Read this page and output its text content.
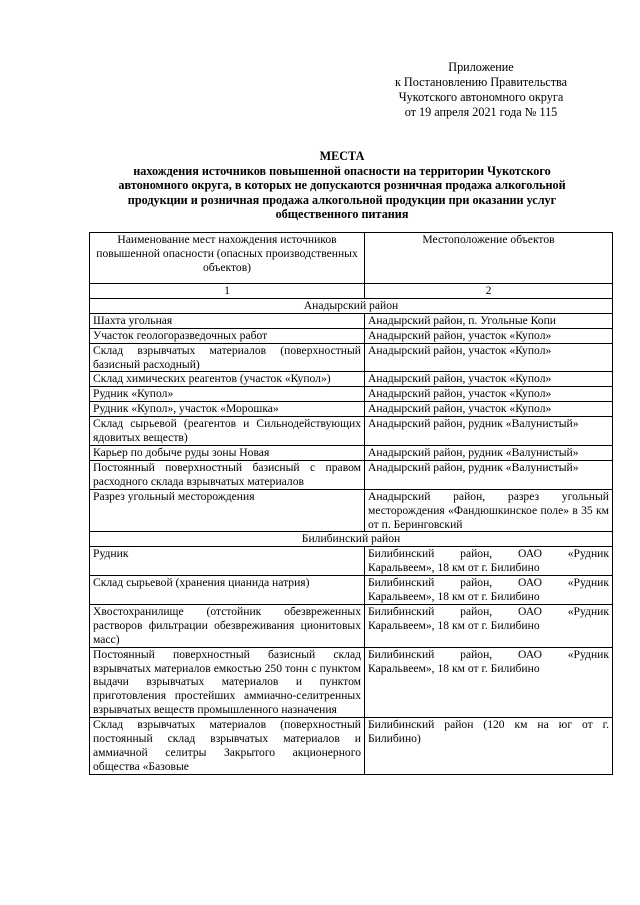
Приложение
к Постановлению Правительства
Чукотского автономного округа
от 19 апреля 2021 года № 115
МЕСТА
нахождения источников повышенной опасности на территории Чукотского
автономного округа, в которых не допускаются розничная продажа алкогольной
продукции и розничная продажа алкогольной продукции при оказании услуг
общественного питания
Наименование мест нахождения источников повышенной опасности (опасных производственных объектов)	Местоположение объектов
1	2
Анадырский район	
Шахта угольная	Анадырский район, п. Угольные Копи
Участок геологоразведочных работ	Анадырский район, участок «Купол»
Склад взрывчатых материалов (поверхностный базисный расходный)	Анадырский район, участок «Купол»
Склад химических реагентов (участок «Купол»)	Анадырский район, участок «Купол»
Рудник «Купол»	Анадырский район, участок «Купол»
Рудник «Купол», участок «Морошка»	Анадырский район, участок «Купол»
Склад сырьевой (реагентов и Сильнодействующих ядовитых веществ)	Анадырский район, рудник «Валунистый»
Карьер по добыче руды зоны Новая	Анадырский район, рудник «Валунистый»
Постоянный поверхностный базисный с правом расходного склада взрывчатых материалов	Анадырский район, рудник «Валунистый»
Разрез угольный месторождения	Анадырский район, разрез угольный месторождения «Фандюшкинское поле» в 35 км от п. Беринговский
Билибинский район	
Рудник	Билибинский район, ОАО «Рудник Каральвеем», 18 км от г. Билибино
Склад сырьевой (хранения цианида натрия)	Билибинский район, ОАО «Рудник Каральвеем», 18 км от г. Билибино
Хвостохранилище (отстойник обезвреженных растворов фильтрации обезвреживания ционитовых масс)	Билибинский район, ОАО «Рудник Каральвеем», 18 км от г. Билибино
Постоянный поверхностный базисный склад взрывчатых материалов емкостью 250 тонн с пунктом выдачи взрывчатых материалов и пунктом приготовления простейших аммиачно-селитренных взрывчатых веществ промышленного назначения	Билибинский район, ОАО «Рудник Каральвеем», 18 км от г. Билибино
Склад взрывчатых материалов (поверхностный постоянный склад взрывчатых материалов и аммиачной селитры Закрытого акционерного общества «Базовые	Билибинский район (120 км на юг от г. Билибино)
